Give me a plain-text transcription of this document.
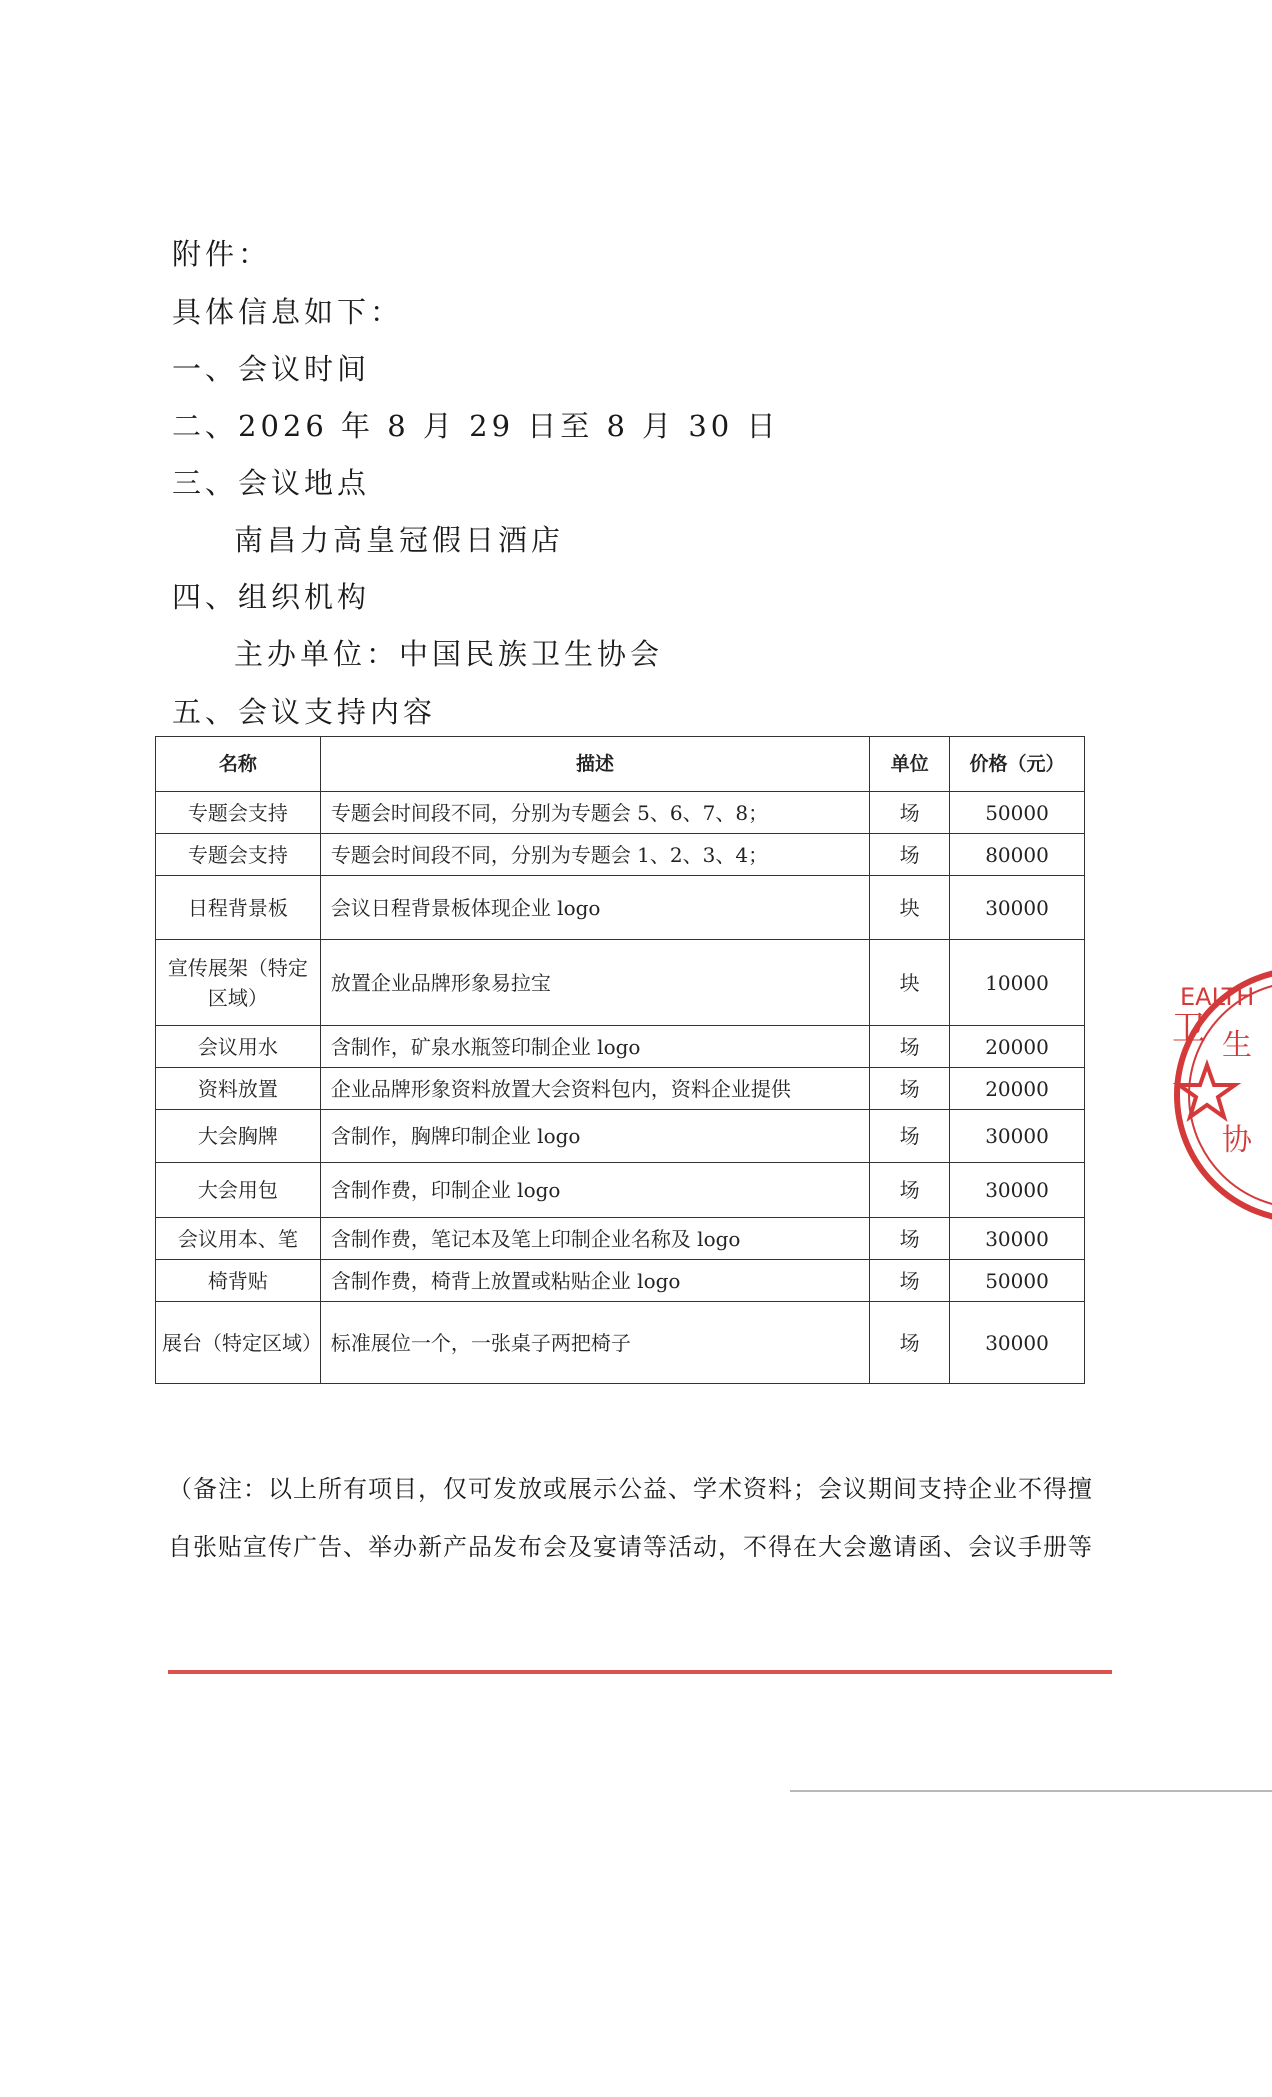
附件：
具体信息如下：
一、会议时间
二、2026 年 8 月 29 日至 8 月 30 日
三、会议地点
南昌力高皇冠假日酒店
四、组织机构
主办单位：中国民族卫生协会
五、会议支持内容
名称	描述	单位	价格（元）
专题会支持	专题会时间段不同，分别为专题会 5、6、7、8；	场	50000
专题会支持	专题会时间段不同，分别为专题会 1、2、3、4；	场	80000
日程背景板	会议日程背景板体现企业 logo	块	30000
宣传展架（特定区域）	放置企业品牌形象易拉宝	块	10000
会议用水	含制作，矿泉水瓶签印制企业 logo	场	20000
资料放置	企业品牌形象资料放置大会资料包内，资料企业提供	场	20000
大会胸牌	含制作，胸牌印制企业 logo	场	30000
大会用包	含制作费，印制企业 logo	场	30000
会议用本、笔	含制作费，笔记本及笔上印制企业名称及 logo	场	30000
椅背贴	含制作费，椅背上放置或粘贴企业 logo	场	50000
展台（特定区域）	标准展位一个，一张桌子两把椅子	场	30000
（备注：以上所有项目，仅可发放或展示公益、学术资料；会议期间支持企业不得擅
自张贴宣传广告、举办新产品发布会及宴请等活动，不得在大会邀请函、会议手册等
EALTH
卫 生
协
